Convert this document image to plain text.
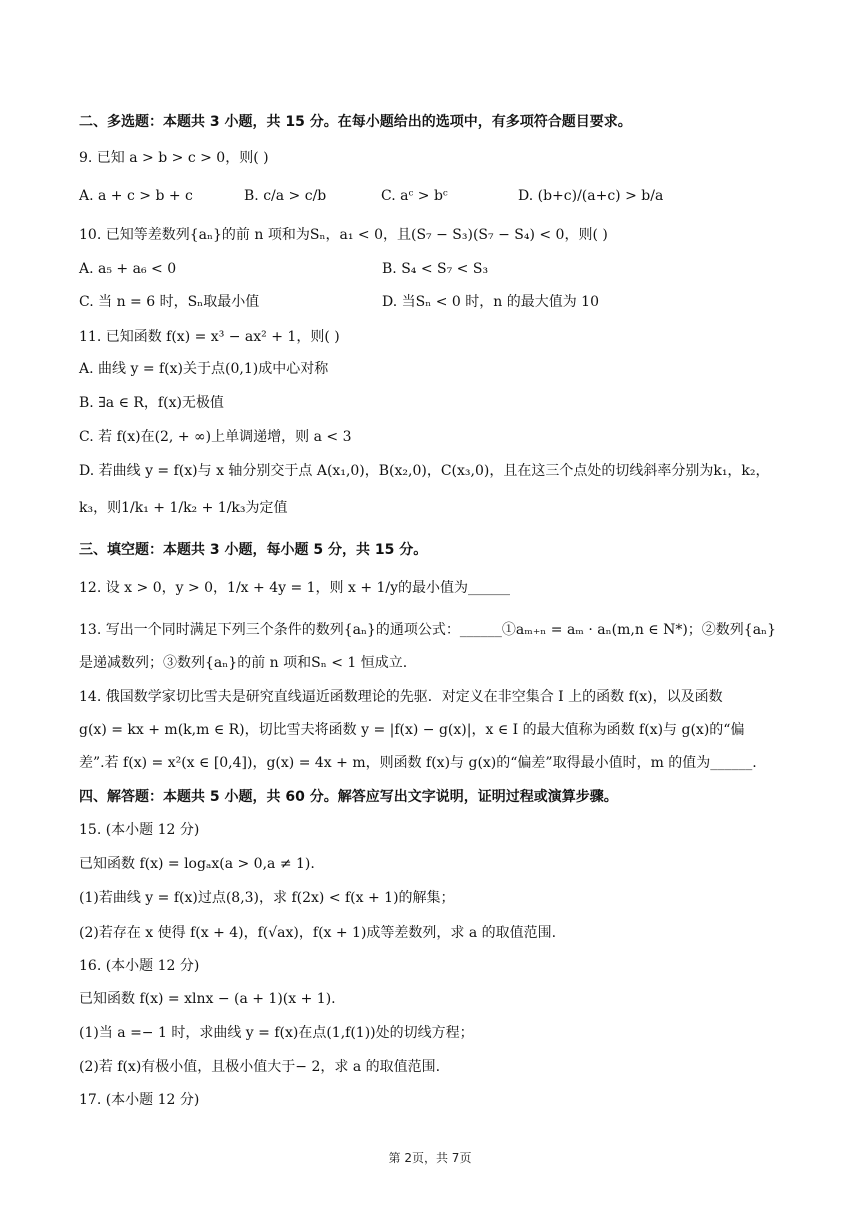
二、多选题：本题共 3 小题，共 15 分。在每小题给出的选项中，有多项符合题目要求。
9. 已知 a > b > c > 0，则( )
A. a + c > b + c	B. c/a > c/b	C. aᶜ > bᶜ	D. (b+c)/(a+c) > b/a
10. 已知等差数列{aₙ}的前 n 项和为Sₙ，a₁ < 0，且(S₇ − S₃)(S₇ − S₄) < 0，则( )
A. a₅ + a₆ < 0	B. S₄ < S₇ < S₃
C. 当 n = 6 时，Sₙ取最小值	D. 当Sₙ < 0 时，n 的最大值为 10
11. 已知函数 f(x) = x³ − ax² + 1，则( )
A. 曲线 y = f(x)关于点(0,1)成中心对称
B. ∃a ∈ R，f(x)无极值
C. 若 f(x)在(2, + ∞)上单调递增，则 a < 3
D. 若曲线 y = f(x)与 x 轴分别交于点 A(x₁,0)，B(x₂,0)，C(x₃,0)，且在这三个点处的切线斜率分别为k₁，k₂，
k₃，则1/k₁ + 1/k₂ + 1/k₃为定值
三、填空题：本题共 3 小题，每小题 5 分，共 15 分。
12. 设 x > 0，y > 0，1/x + 4y = 1，则 x + 1/y的最小值为______
13. 写出一个同时满足下列三个条件的数列{aₙ}的通项公式：______①aₘ₊ₙ = aₘ · aₙ(m,n ∈ N*)；②数列{aₙ}
是递减数列；③数列{aₙ}的前 n 项和Sₙ < 1 恒成立.
14. 俄国数学家切比雪夫是研究直线逼近函数理论的先驱．对定义在非空集合 I 上的函数 f(x)，以及函数
g(x) = kx + m(k,m ∈ R)，切比雪夫将函数 y = |f(x) − g(x)|，x ∈ I 的最大值称为函数 f(x)与 g(x)的“偏
差”.若 f(x) = x²(x ∈ [0,4])，g(x) = 4x + m，则函数 f(x)与 g(x)的“偏差”取得最小值时，m 的值为______.
四、解答题：本题共 5 小题，共 60 分。解答应写出文字说明，证明过程或演算步骤。
15. (本小题 12 分)
已知函数 f(x) = logₐx(a > 0,a ≠ 1).
(1)若曲线 y = f(x)过点(8,3)，求 f(2x) < f(x + 1)的解集；
(2)若存在 x 使得 f(x + 4)，f(√ax)，f(x + 1)成等差数列，求 a 的取值范围.
16. (本小题 12 分)
已知函数 f(x) = xlnx − (a + 1)(x + 1).
(1)当 a =− 1 时，求曲线 y = f(x)在点(1,f(1))处的切线方程；
(2)若 f(x)有极小值，且极小值大于− 2，求 a 的取值范围.
17. (本小题 12 分)
第 2页，共 7页
